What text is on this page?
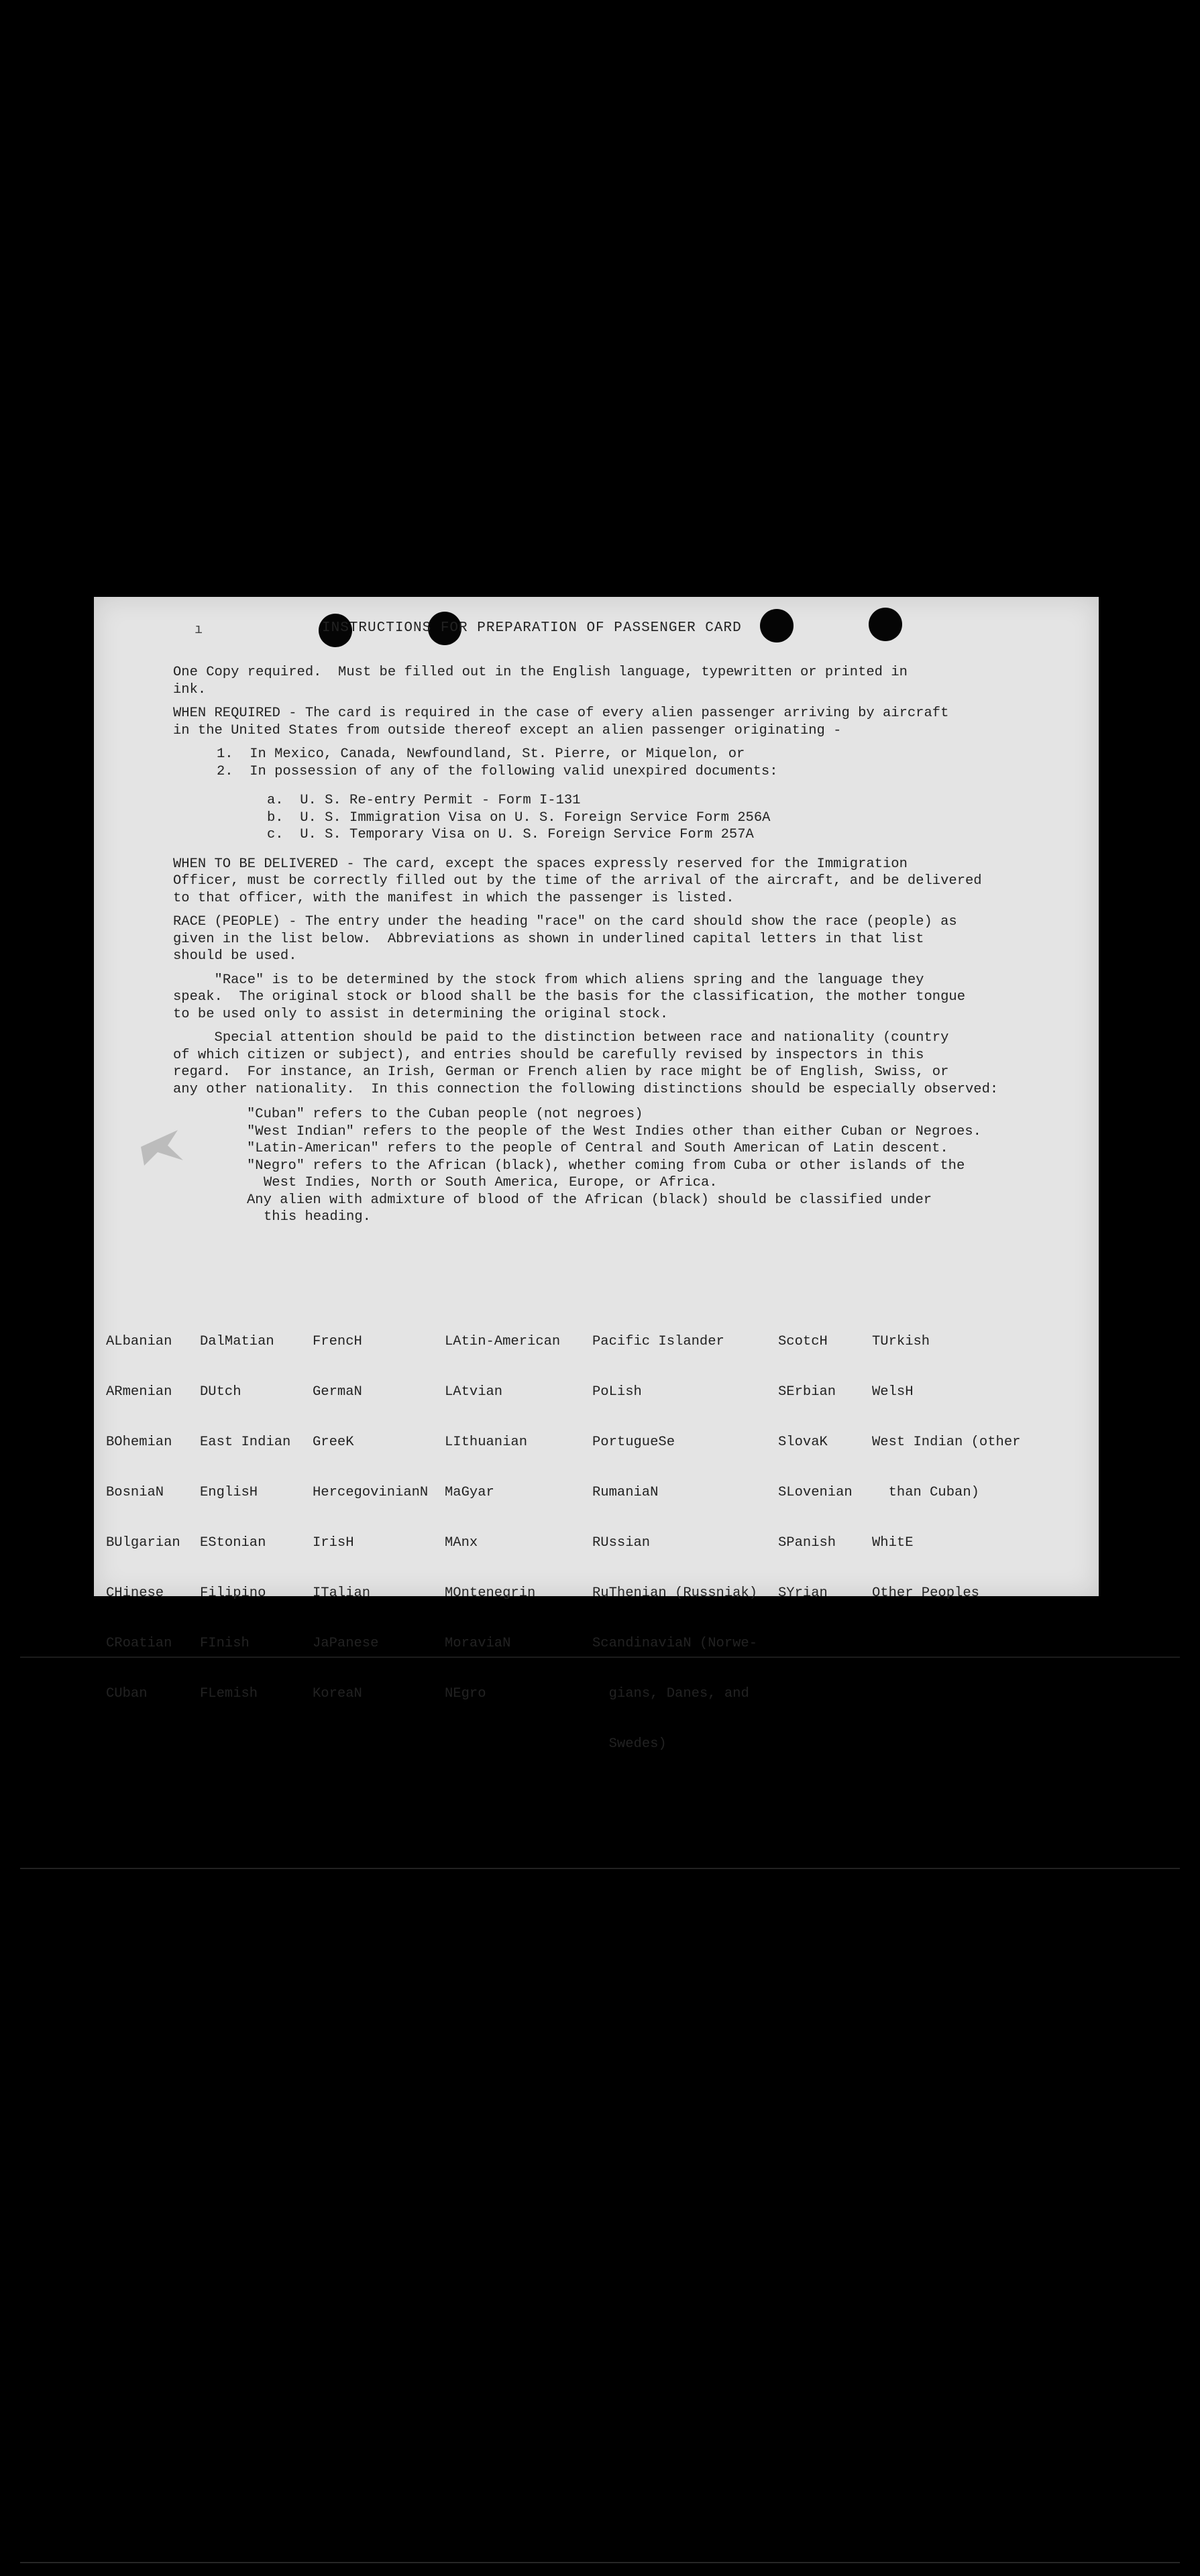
ı	INSTRUCTIONS FOR PREPARATION OF PASSENGER CARD

One Copy required.  Must be filled out in the English language, typewritten or printed in
ink.

WHEN REQUIRED - The card is required in the case of every alien passenger arriving by aircraft
in the United States from outside thereof except an alien passenger originating -

1.  In Mexico, Canada, Newfoundland, St. Pierre, or Miquelon, or

2.  In possession of any of the following valid unexpired documents:

a.  U. S. Re-entry Permit - Form I-131

b.  U. S. Immigration Visa on U. S. Foreign Service Form 256A

c.  U. S. Temporary Visa on U. S. Foreign Service Form 257A

WHEN TO BE DELIVERED - The card, except the spaces expressly reserved for the Immigration
Officer, must be correctly filled out by the time of the arrival of the aircraft, and be delivered
to that officer, with the manifest in which the passenger is listed.

RACE (PEOPLE) - The entry under the heading "race" on the card should show the race (people) as
given in the list below.  Abbreviations as shown in underlined capital letters in that list
should be used.

"Race" is to be determined by the stock from which aliens spring and the language they
speak.  The original stock or blood shall be the basis for the classification, the mother tongue
to be used only to assist in determining the original stock.

Special attention should be paid to the distinction between race and nationality (country
of which citizen or subject), and entries should be carefully revised by inspectors in this
regard.  For instance, an Irish, German or French alien by race might be of English, Swiss, or
any other nationality.  In this connection the following distinctions should be especially observed:

"Cuban" refers to the Cuban people (not negroes)
"West Indian" refers to the people of the West Indies other than either Cuban or Negroes.
"Latin-American" refers to the people of Central and South American of Latin descent.
"Negro" refers to the African (black), whether coming from Cuba or other islands of the
West Indies, North or South America, Europe, or Africa.
Any alien with admixture of blood of the African (black) should be classified under
this heading.

ALbanian

ARmenian

BOhemian

BosniaN

BUlgarian

CHinese

CRoatian

CUban

DalMatian

DUtch

East Indian

EnglisH

EStonian

Filipino

FInish

FLemish

FrencH

GermaN

GreeK

HercegovinianN

IrisH

ITalian

JaPanese

KoreaN

LAtin-American

LAtvian

LIthuanian

MaGyar

MAnx

MOntenegrin

MoraviaN

NEgro

Pacific Islander

PoLish

PortugueSe

RumaniaN

RUssian

RuThenian (Russniak)

ScandinaviaN (Norwe-

gians, Danes, and

Swedes)

ScotcH

SErbian

SlovaK

SLovenian

SPanish

SYrian

TUrkish

WelsH

West Indian (other

than Cuban)

WhitE

Other Peoples
